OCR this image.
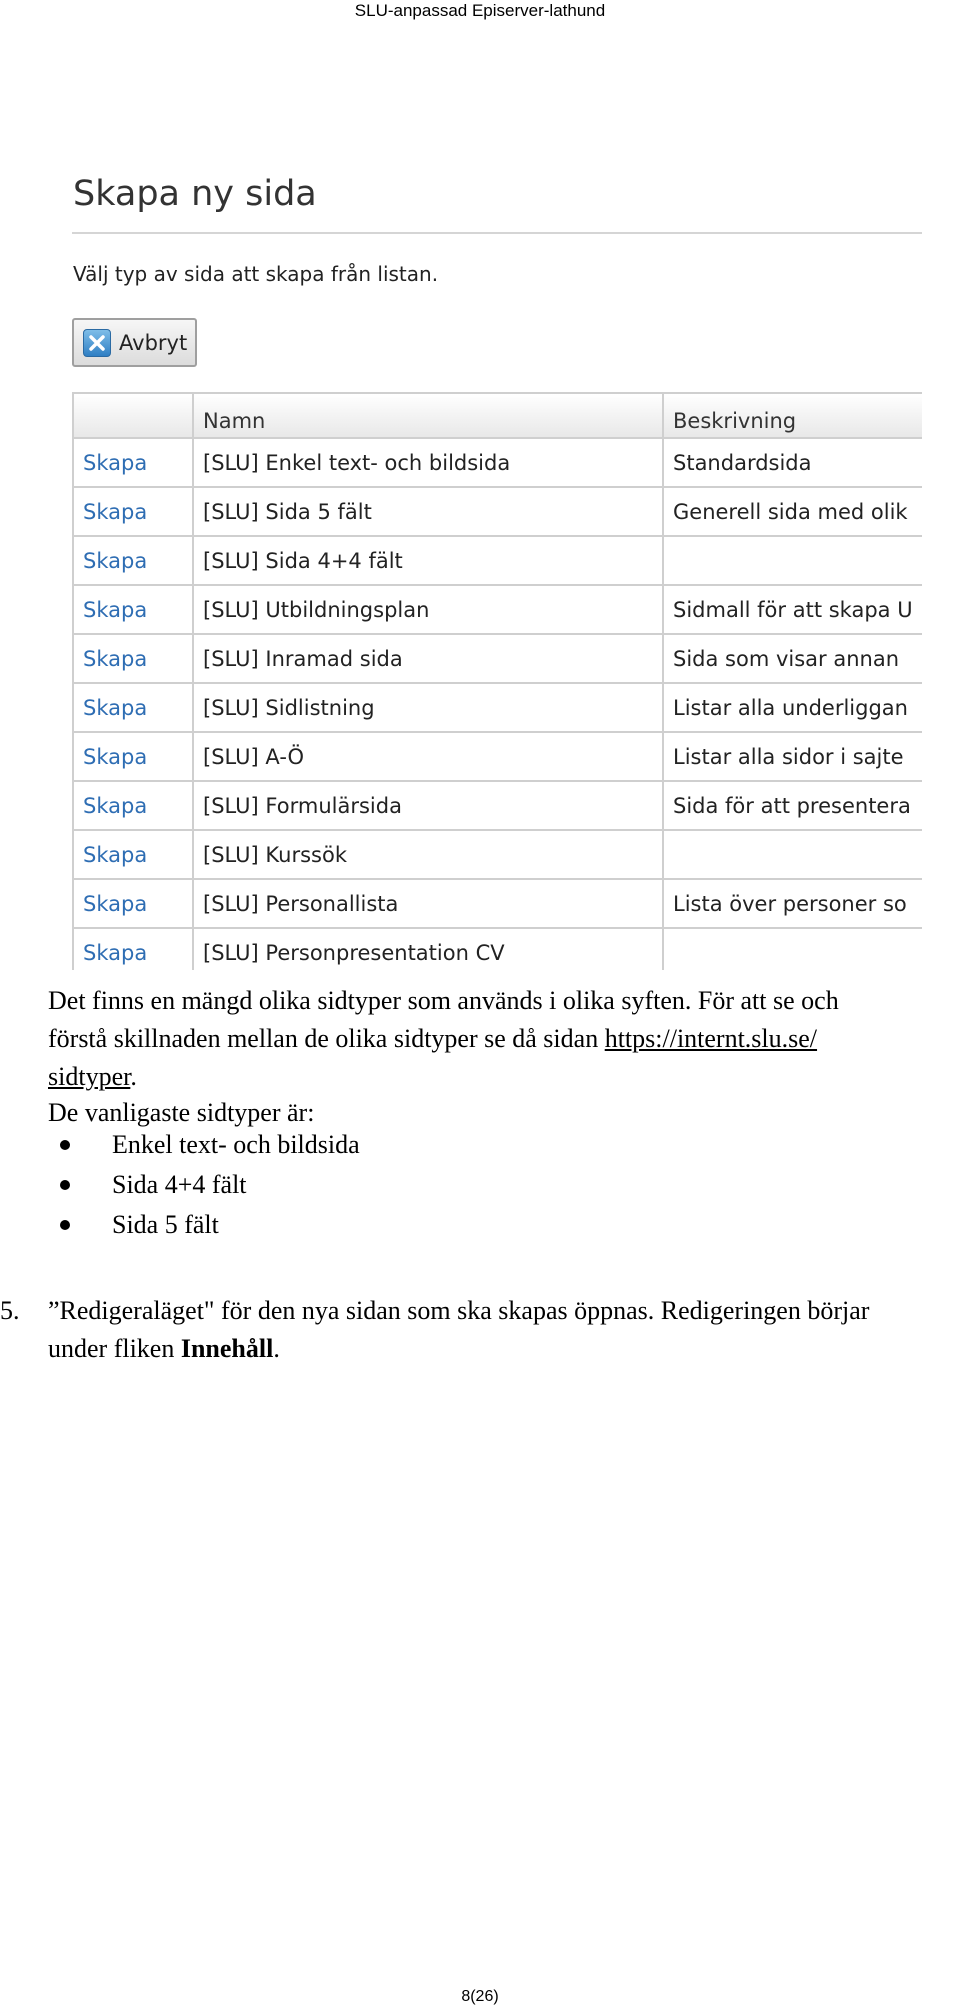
SLU-anpassad Episerver-lathund
Skapa ny sida
Välj typ av sida att skapa från listan.
Avbryt
	Namn	Beskrivning
Skapa	[SLU] Enkel text- och bildsida	Standardsida
Skapa	[SLU] Sida 5 fält	Generell sida med olik
Skapa	[SLU] Sida 4+4 fält	
Skapa	[SLU] Utbildningsplan	Sidmall för att skapa U
Skapa	[SLU] Inramad sida	Sida som visar annan
Skapa	[SLU] Sidlistning	Listar alla underliggan
Skapa	[SLU] A-Ö	Listar alla sidor i sajte
Skapa	[SLU] Formulärsida	Sida för att presentera
Skapa	[SLU] Kurssök	
Skapa	[SLU] Personallista	Lista över personer so
Skapa	[SLU] Personpresentation CV	
Det finns en mängd olika sidtyper som används i olika syften. För att se och
förstå skillnaden mellan de olika sidtyper se då sidan https://internt.slu.se/
sidtyper.
De vanligaste sidtyper är:
Enkel text- och bildsida
Sida 4+4 fält
Sida 5 fält
5. ”Redigeraläget" för den nya sidan som ska skapas öppnas. Redigeringen börjar
under fliken Innehåll.
8(26)
